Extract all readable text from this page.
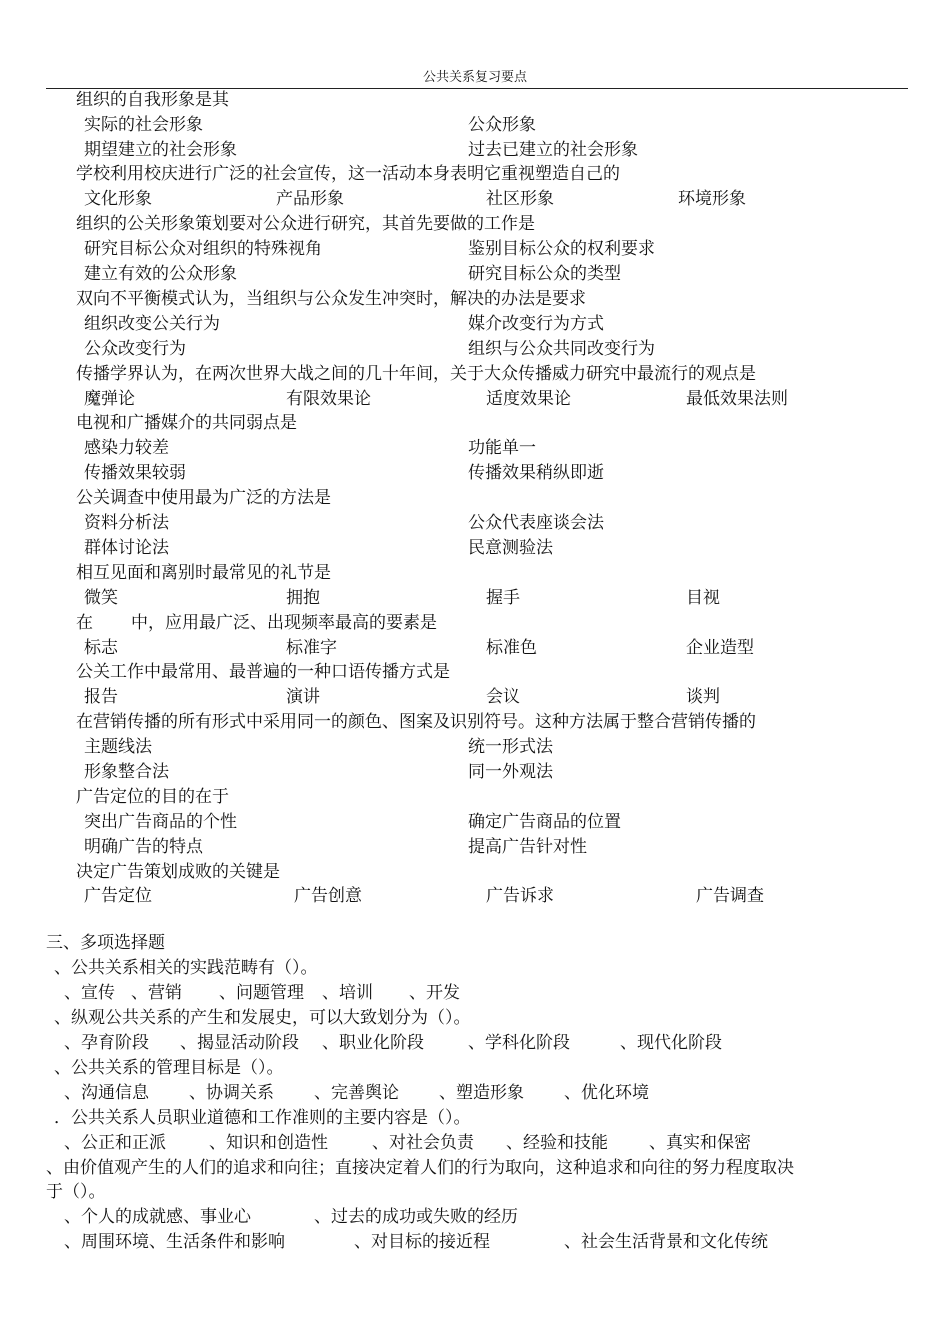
公共关系复习要点
组织的自我形象是其
实际的社会形象	公众形象
期望建立的社会形象	过去已建立的社会形象
学校利用校庆进行广泛的社会宣传，这一活动本身表明它重视塑造自己的
文化形象	产品形象	社区形象	环境形象
组织的公关形象策划要对公众进行研究，其首先要做的工作是
研究目标公众对组织的特殊视角	鉴别目标公众的权利要求
建立有效的公众形象	研究目标公众的类型
双向不平衡模式认为，当组织与公众发生冲突时，解决的办法是要求
组织改变公关行为	媒介改变行为方式
公众改变行为	组织与公众共同改变行为
传播学界认为，在两次世界大战之间的几十年间，关于大众传播威力研究中最流行的观点是
魔弹论	有限效果论	适度效果论	最低效果法则
电视和广播媒介的共同弱点是
感染力较差	功能单一
传播效果较弱	传播效果稍纵即逝
公关调查中使用最为广泛的方法是
资料分析法	公众代表座谈会法
群体讨论法	民意测验法
相互见面和离别时最常见的礼节是
微笑	拥抱	握手	目视
在 中，应用最广泛、出现频率最高的要素是
标志	标准字	标准色	企业造型
公关工作中最常用、最普遍的一种口语传播方式是
报告	演讲	会议	谈判
在营销传播的所有形式中采用同一的颜色、图案及识别符号。这种方法属于整合营销传播的
主题线法	统一形式法
形象整合法	同一外观法
广告定位的目的在于
突出广告商品的个性	确定广告商品的位置
明确广告的特点	提高广告针对性
决定广告策划成败的关键是
广告定位	广告创意	广告诉求	广告调查
三、多项选择题
、公共关系相关的实践范畴有（）。
、宣传 、营销 、问题管理 、培训 、开发
、纵观公共关系的产生和发展史，可以大致划分为（）。
、孕育阶段 、揭显活动阶段 、职业化阶段	、学科化阶段	、现代化阶段
、公共关系的管理目标是（）。
、沟通信息 、协调关系 、完善舆论 、塑造形象 、优化环境
．公共关系人员职业道德和工作准则的主要内容是（）。
、公正和正派	、知识和创造性	、对社会负责 、经验和技能 、真实和保密
、由价值观产生的人们的追求和向往；直接决定着人们的行为取向，这种追求和向往的努力程度取决
于（）。
、个人的成就感、事业心	、过去的成功或失败的经历
、周围环境、生活条件和影响	、对目标的接近程	、社会生活背景和文化传统
